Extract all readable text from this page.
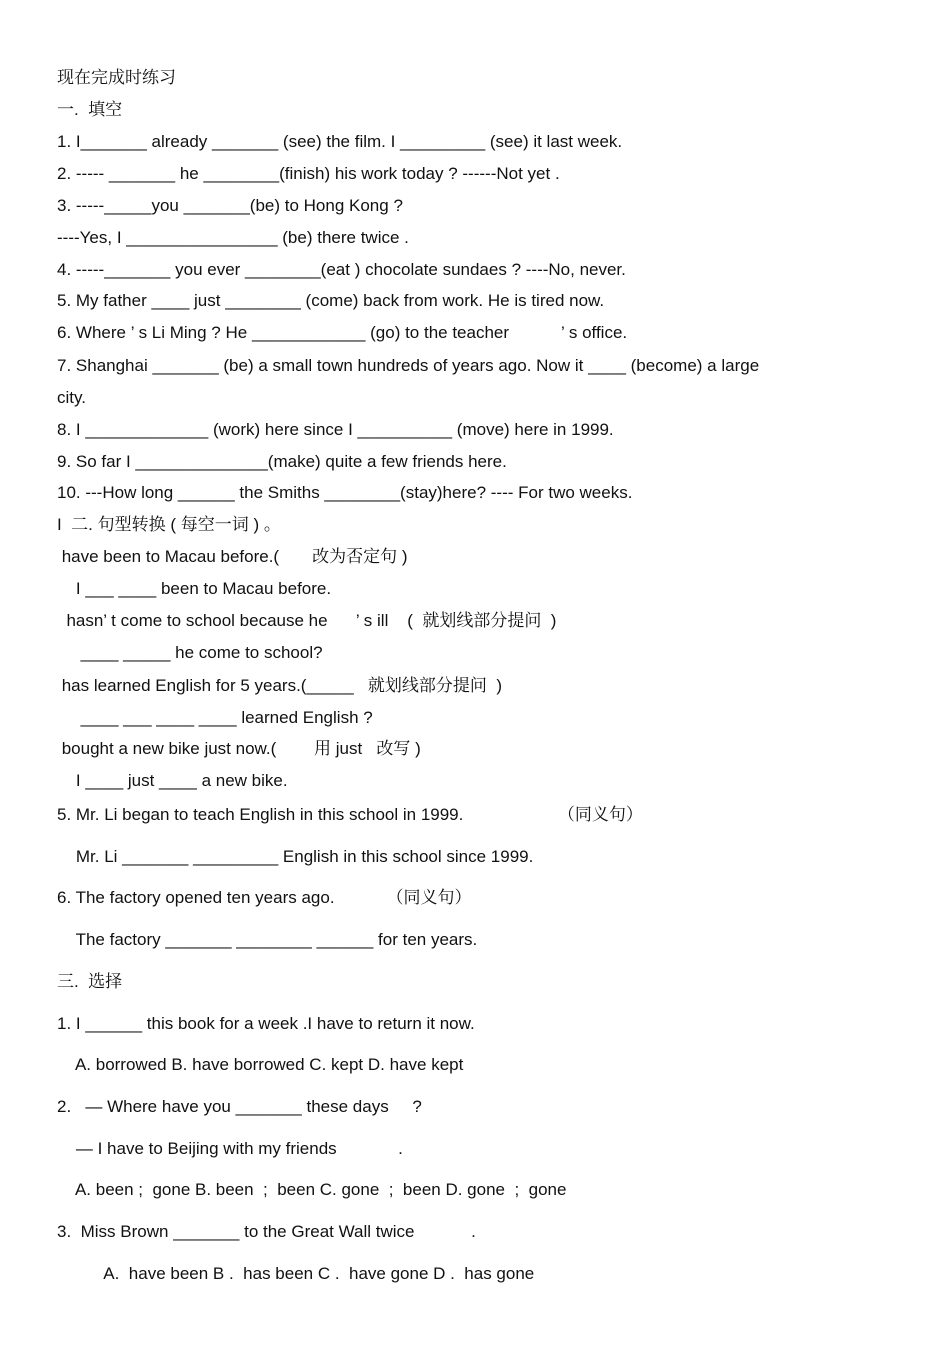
现在完成时练习
一.  填空
1. I_______ already _______ (see) the film. I _________ (see) it last week.
2. ----- _______ he ________(finish) his work today ? ------Not yet .
3. -----_____you _______(be) to Hong Kong ?
----Yes, I ________________ (be) there twice .
4. -----_______ you ever ________(eat ) chocolate sundaes ? ----No, never.
5. My father ____ just ________ (come) back from work. He is tired now.
6. Where ’ s Li Ming ? He ____________ (go) to the teacher           ’ s office.
7. Shanghai _______ (be) a small town hundreds of years ago. Now it ____ (become) a large
city.
8. I _____________ (work) here since I __________ (move) here in 1999.
9. So far I ______________(make) quite a few friends here.
10. ---How long ______ the Smiths ________(stay)here? ---- For two weeks.
I  二. 句型转换 ( 每空一词 ) 。
have been to Macau before.(       改为否定句 )
I ___ ____ been to Macau before.
hasn’ t come to school because he      ’ s ill    (  就划线部分提问  )
____ _____ he come to school?
has learned English for 5 years.(_____   就划线部分提问  )
____ ___ ____ ____ learned English ?
bought a new bike just now.(        用 just   改写 )
I ____ just ____ a new bike.
5. Mr. Li began to teach English in this school in 1999.                    （同义句）
Mr. Li _______ _________ English in this school since 1999.
6. The factory opened ten years ago.           （同义句）
The factory _______ ________ ______ for ten years.
三.  选择
1. I ______ this book for a week .I have to return it now.
A. borrowed B. have borrowed C. kept D. have kept
2.   — Where have you _______ these days     ?
— I have to Beijing with my friends             .
A. been ;  gone B. been  ;  been C. gone  ;  been D. gone  ;  gone
3.  Miss Brown _______ to the Great Wall twice            .
A.  have been B .  has been C .  have gone D .  has gone
